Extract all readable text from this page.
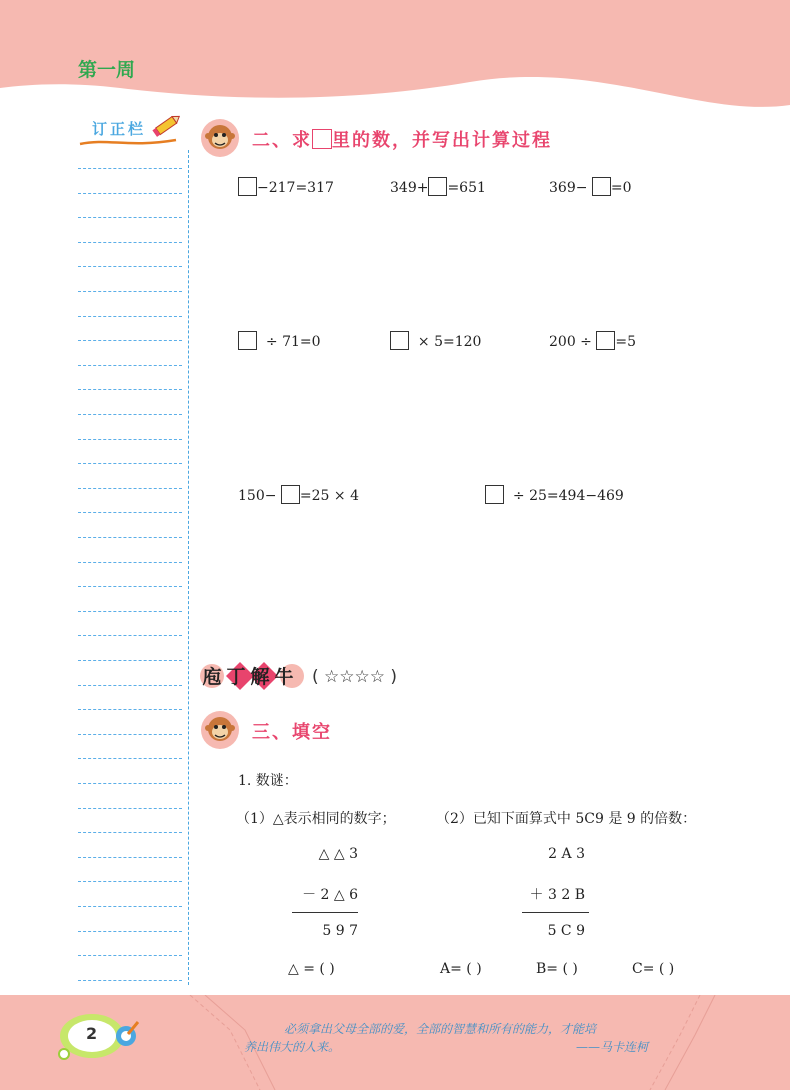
第一周
订正栏
二、求 里的数，并写出计算过程
−217=317	349+ =651	369− =0
÷ 71=0	× 5=120	200 ÷ =5
150− =25 × 4	÷ 25=494−469
庖 丁 解 牛 ( ☆☆☆☆ )
三、填空
1. 数谜：
（1）△表示相同的数字；	（2）已知下面算式中 5C9 是 9 的倍数：
△ △ 3
－ 2 △ 6
5 9 7
△ = ( )
2 A 3
＋ 3 2 B
5 C 9
A= ( )	B= ( )	C= ( )
2	必须拿出父母全部的爱，全部的智慧和所有的能力，才能培
养出伟大的人来。	——马卡连柯
